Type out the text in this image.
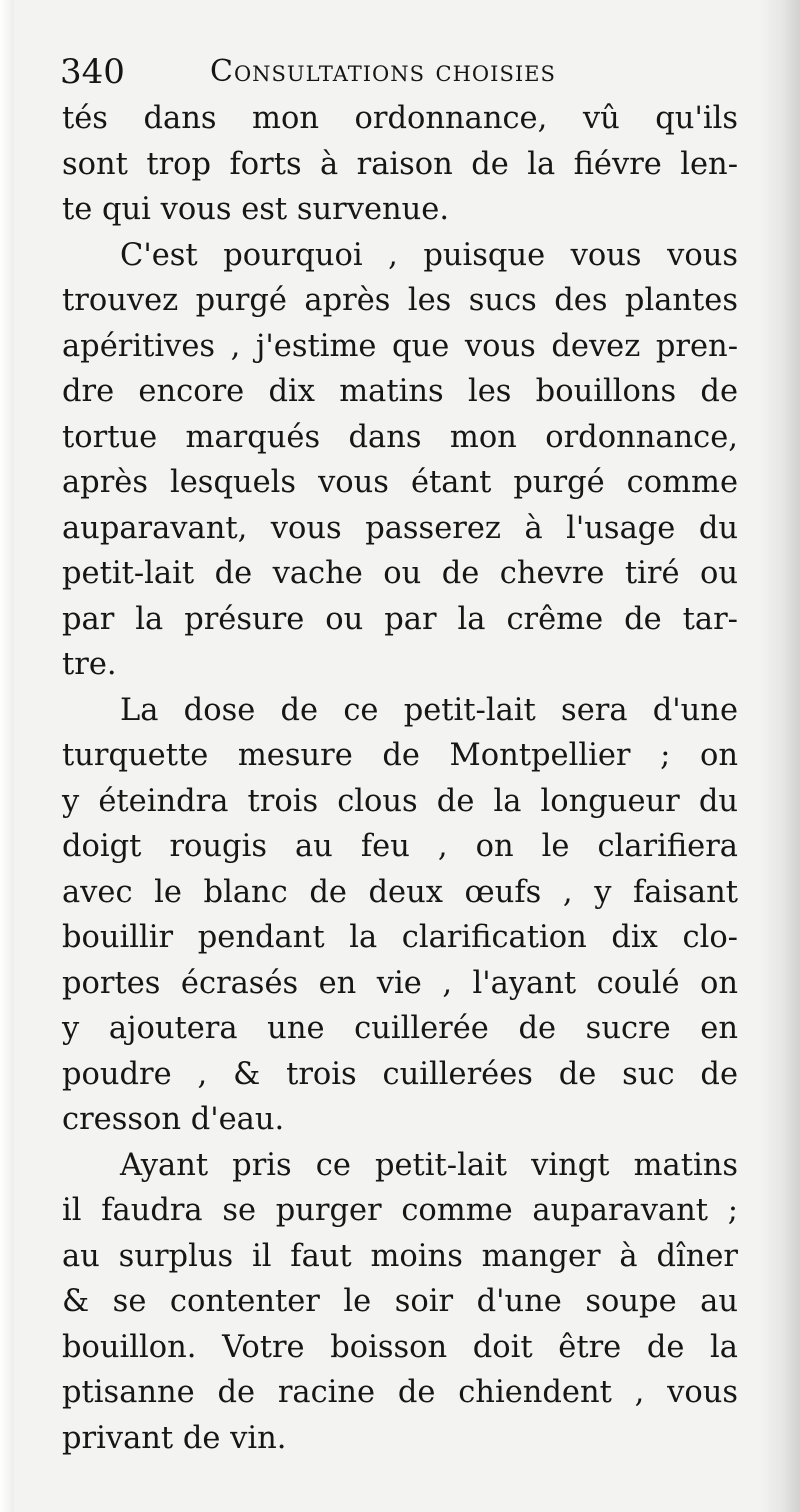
340	Consultations choisies
tés dans mon ordonnance, vû qu'ils
sont trop forts à raison de la fiévre len-
te qui vous est survenue.
C'est pourquoi , puisque vous vous
trouvez purgé après les sucs des plantes
apéritives , j'estime que vous devez pren-
dre encore dix matins les bouillons de
tortue marqués dans mon ordonnance,
après lesquels vous étant purgé comme
auparavant, vous passerez à l'usage du
petit-lait de vache ou de chevre tiré ou
par la présure ou par la crême de tar-
tre.
La dose de ce petit-lait sera d'une
turquette mesure de Montpellier ; on
y éteindra trois clous de la longueur du
doigt rougis au feu , on le clarifiera
avec le blanc de deux œufs , y faisant
bouillir pendant la clarification dix clo-
portes écrasés en vie , l'ayant coulé on
y ajoutera une cuillerée de sucre en
poudre , & trois cuillerées de suc de
cresson d'eau.
Ayant pris ce petit-lait vingt matins
il faudra se purger comme auparavant ;
au surplus il faut moins manger à dîner
& se contenter le soir d'une soupe au
bouillon. Votre boisson doit être de la
ptisanne de racine de chiendent , vous
privant de vin.
